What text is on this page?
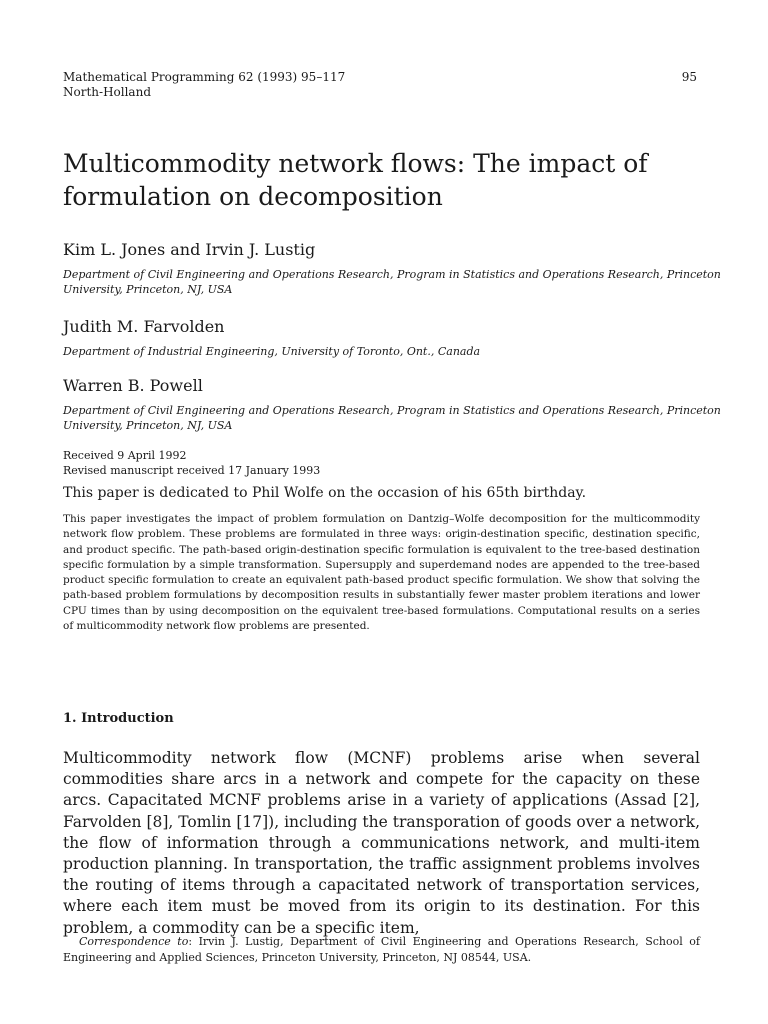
Mathematical Programming 62 (1993) 95–117
North-Holland
95
Multicommodity network flows: The impact of formulation on decomposition
Kim L. Jones and Irvin J. Lustig
Department of Civil Engineering and Operations Research, Program in Statistics and Operations Research, Princeton University, Princeton, NJ, USA
Judith M. Farvolden
Department of Industrial Engineering, University of Toronto, Ont., Canada
Warren B. Powell
Department of Civil Engineering and Operations Research, Program in Statistics and Operations Research, Princeton University, Princeton, NJ, USA
Received 9 April 1992
Revised manuscript received 17 January 1993
This paper is dedicated to Phil Wolfe on the occasion of his 65th birthday.
This paper investigates the impact of problem formulation on Dantzig–Wolfe decomposition for the multicommodity network flow problem. These problems are formulated in three ways: origin-destination specific, destination specific, and product specific. The path-based origin-destination specific formulation is equivalent to the tree-based destination specific formulation by a simple transformation. Supersupply and superdemand nodes are appended to the tree-based product specific formulation to create an equivalent path-based product specific formulation. We show that solving the path-based problem formulations by decomposition results in substantially fewer master problem iterations and lower CPU times than by using decomposition on the equivalent tree-based formulations. Computational results on a series of multicommodity network flow problems are presented.
1. Introduction
Multicommodity network flow (MCNF) problems arise when several commodities share arcs in a network and compete for the capacity on these arcs. Capacitated MCNF problems arise in a variety of applications (Assad [2], Farvolden [8], Tomlin [17]), including the transporation of goods over a network, the flow of information through a communications network, and multi-item production planning. In transportation, the traffic assignment problems involves the routing of items through a capacitated network of transportation services, where each item must be moved from its origin to its destination. For this problem, a commodity can be a specific item,
Correspondence to: Irvin J. Lustig, Department of Civil Engineering and Operations Research, School of Engineering and Applied Sciences, Princeton University, Princeton, NJ 08544, USA.
